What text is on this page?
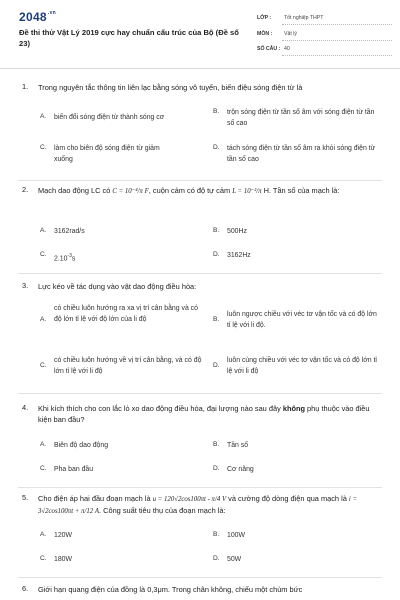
$2048^{.vn}$
Đề thi thử Vật Lý 2019 cực hay chuẩn cấu trúc của Bộ (Đề số 23)
LỚP : Tốt nghiệp THPT
MÔN : Vật lý
SỐ CÂU : 40
1. Trong nguyên tắc thông tin liên lạc bằng sóng vô tuyến, biến điệu sóng điện từ là
A.	biến đổi sóng điện từ thành sóng cơ
B.	trộn sóng điện từ tần số âm với sóng điện từ tần số cao
C.	làm cho biên độ sóng điện từ giảm xuống
D.	tách sóng điện từ tần số âm ra khỏi sóng điện từ tần số cao
2. Mạch dao động LC có C = 10⁻⁴/π F, cuộn cảm có độ tự cảm L = 10⁻²/π H. Tần số của mạch là:
A.	3162rad/s	B.	500Hz
C.
$2.10^{-3}s$
D.	3162Hz
3. Lực kéo về tác dụng vào vật dao động điều hòa:
A.
có chiều luôn hướng ra xa vị trí cân bằng và có độ lớn tỉ lệ với độ lớn của li độ	B.
luôn ngược chiều với véc tơ vận tốc và có độ lớn tỉ lệ với li độ.
C.
có chiều luôn hướng về vị trí cân bằng, và có độ lớn tỉ lệ với li độ
D.
luôn cùng chiều với véc tơ vận tốc và có độ lớn tỉ lệ với li độ
4. Khi kích thích cho con lắc lò xo dao động điều hòa, đại lượng nào sau đây không phụ thuộc vào điều kiện ban đầu?
A.	Biên độ dao động	B.	Tần số
C.	Pha ban đầu	D.	Cơ năng
5. Cho điện áp hai đầu đoạn mạch là u = 120√2cos100πt - π/4 V và cường độ dòng điện qua mạch là i = 3√2cos100πt + π/12 A. Công suất tiêu thụ của đoạn mạch là:
A.	120W	B.	100W
C.	180W	D.	50W
6. Giới hạn quang điện của đồng là 0,3μm. Trong chân không, chiếu một chùm bức
